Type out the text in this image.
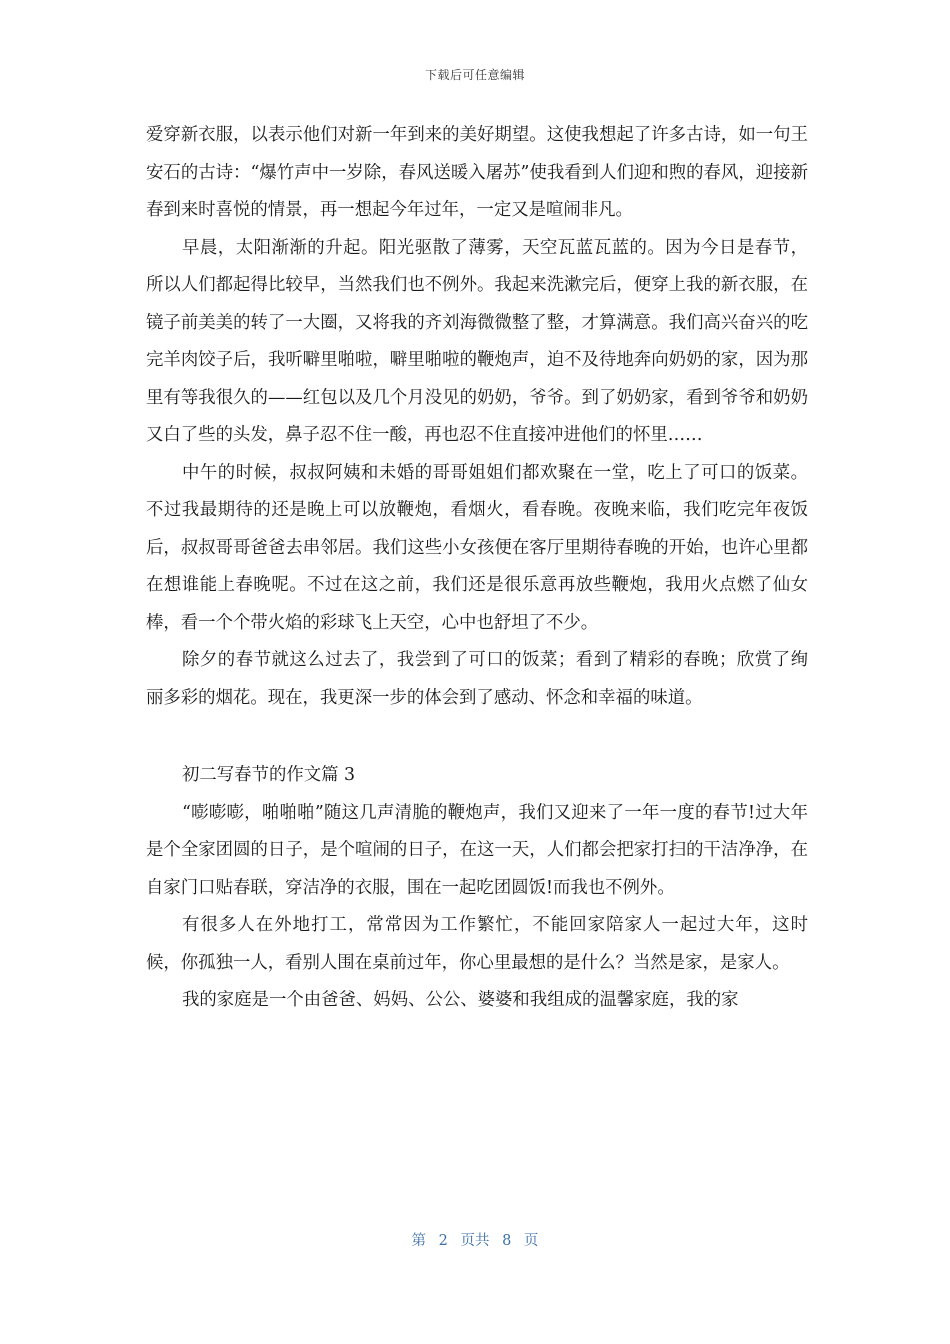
下载后可任意编辑

爱穿新衣服，以表示他们对新一年到来的美好期望。这使我想起了许多古诗，如一句王安石的古诗：“爆竹声中一岁除，春风送暖入屠苏”使我看到人们迎和煦的春风，迎接新春到来时喜悦的情景，再一想起今年过年，一定又是喧闹非凡。

早晨，太阳渐渐的升起。阳光驱散了薄雾，天空瓦蓝瓦蓝的。因为今日是春节，所以人们都起得比较早，当然我们也不例外。我起来洗漱完后，便穿上我的新衣服，在镜子前美美的转了一大圈，又将我的齐刘海微微整了整，才算满意。我们高兴奋兴的吃完羊肉饺子后，我听噼里啪啦，噼里啪啦的鞭炮声，迫不及待地奔向奶奶的家，因为那里有等我很久的——红包以及几个月没见的奶奶，爷爷。到了奶奶家，看到爷爷和奶奶又白了些的头发，鼻子忍不住一酸，再也忍不住直接冲进他们的怀里……

中午的时候，叔叔阿姨和未婚的哥哥姐姐们都欢聚在一堂，吃上了可口的饭菜。不过我最期待的还是晚上可以放鞭炮，看烟火，看春晚。夜晚来临，我们吃完年夜饭后，叔叔哥哥爸爸去串邻居。我们这些小女孩便在客厅里期待春晚的开始，也许心里都在想谁能上春晚呢。不过在这之前，我们还是很乐意再放些鞭炮，我用火点燃了仙女棒，看一个个带火焰的彩球飞上天空，心中也舒坦了不少。

除夕的春节就这么过去了，我尝到了可口的饭菜；看到了精彩的春晚；欣赏了绚丽多彩的烟花。现在，我更深一步的体会到了感动、怀念和幸福的味道。

初二写春节的作文篇 3

“嘭嘭嘭，啪啪啪”随这几声清脆的鞭炮声，我们又迎来了一年一度的春节!过大年是个全家团圆的日子，是个喧闹的日子，在这一天，人们都会把家打扫的干洁净净，在自家门口贴春联，穿洁净的衣服，围在一起吃团圆饭!而我也不例外。

有很多人在外地打工，常常因为工作繁忙，不能回家陪家人一起过大年，这时候，你孤独一人，看别人围在桌前过年，你心里最想的是什么？当然是家，是家人。

我的家庭是一个由爸爸、妈妈、公公、婆婆和我组成的温馨家庭，我的家

第 2 页共 8 页
